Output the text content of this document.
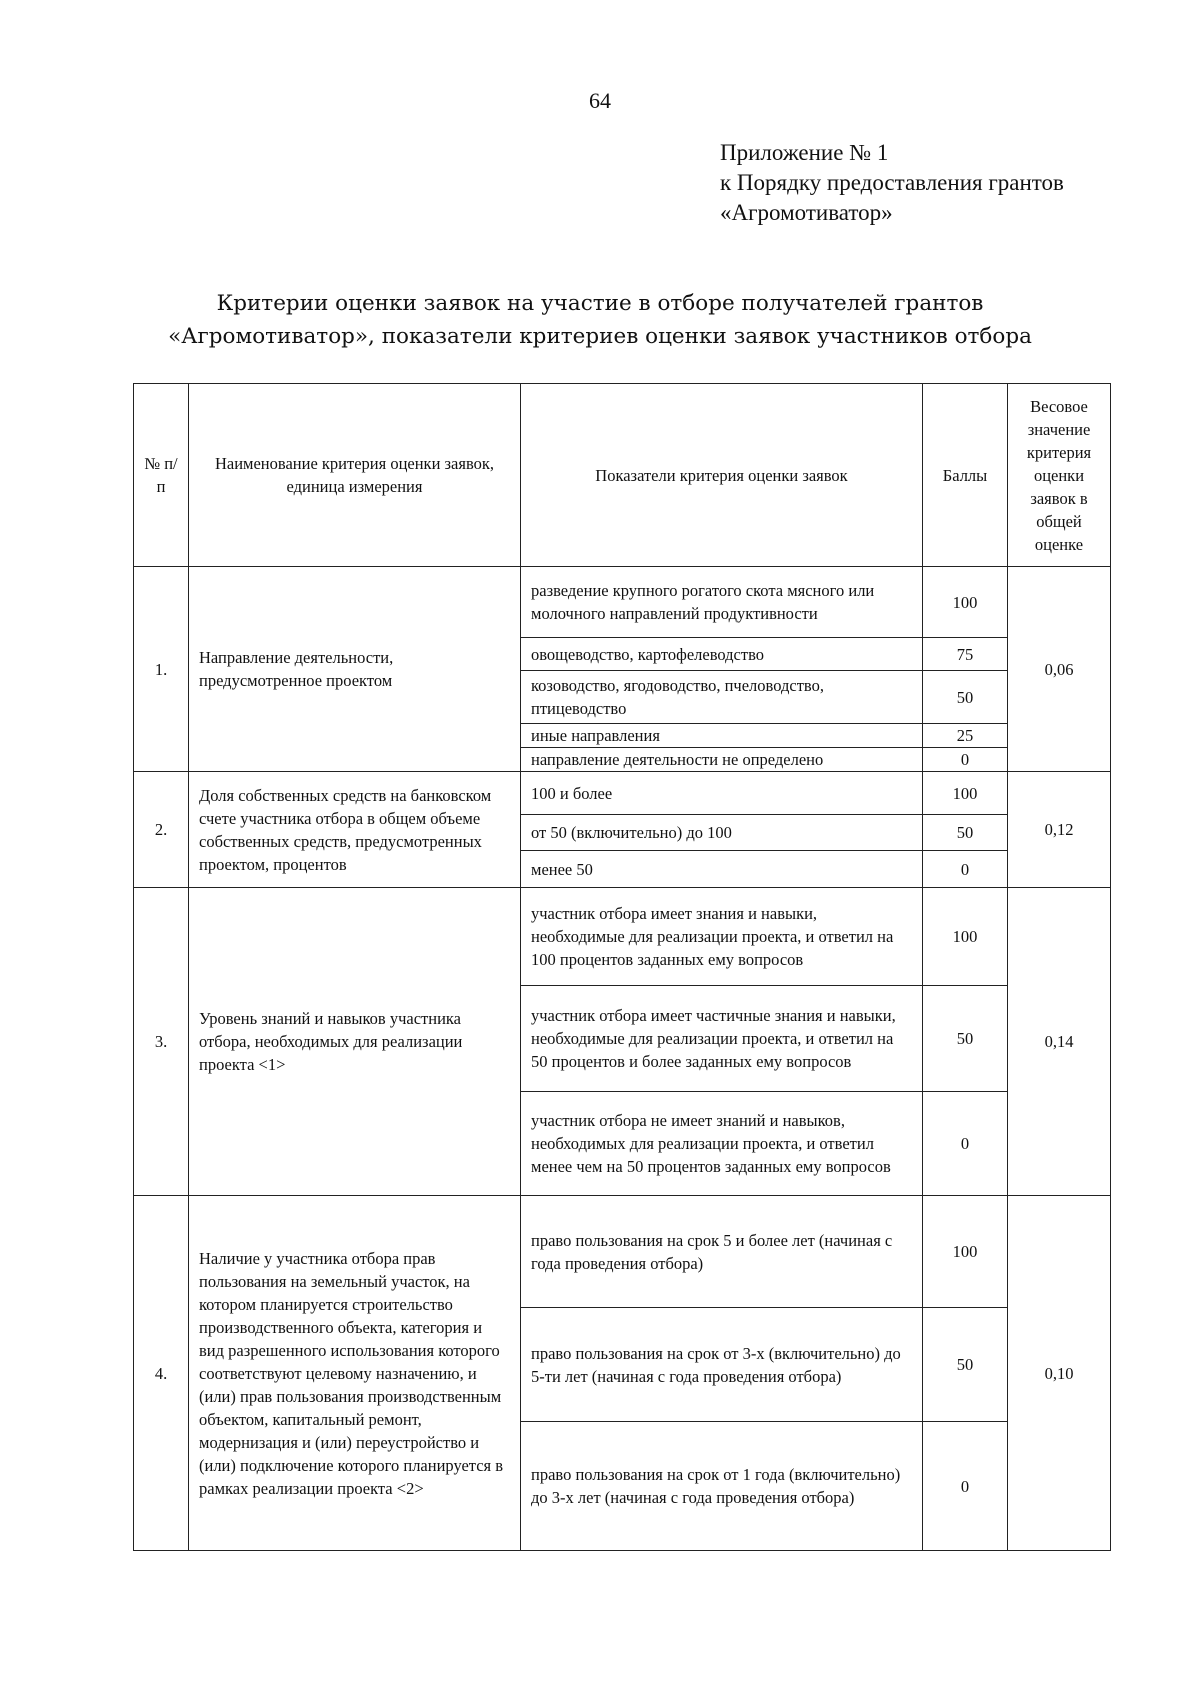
64
Приложение № 1
к Порядку предоставления грантов
«Агромотиватор»
Критерии оценки заявок на участие в отборе получателей грантов
«Агромотиватор», показатели критериев оценки заявок участников отбора
№ п/п	Наименование критерия оценки заявок, единица измерения	Показатели критерия оценки заявок	Баллы	Весовое значение критерия оценки заявок в общей оценке
1.	Направление деятельности, предусмотренное проектом	разведение крупного рогатого скота мясного или молочного направлений продуктивности	100	0,06
		овощеводство, картофелеводство	75	
		козоводство, ягодоводство, пчеловодство, птицеводство	50	
		иные направления	25	
		направление деятельности не определено	0	
2.	Доля собственных средств на банковском счете участника отбора в общем объеме собственных средств, предусмотренных проектом, процентов	100 и более	100	0,12
		от 50 (включительно) до 100	50	
		менее 50	0	
3.	Уровень знаний и навыков участника отбора, необходимых для реализации проекта <1>	участник отбора имеет знания и навыки, необходимые для реализации проекта, и ответил на 100 процентов заданных ему вопросов	100	0,14
		участник отбора имеет частичные знания и навыки, необходимые для реализации проекта, и ответил на 50 процентов и более заданных ему вопросов	50	
		участник отбора не имеет знаний и навыков, необходимых для реализации проекта, и ответил менее чем на 50 процентов заданных ему вопросов	0	
4.	Наличие у участника отбора прав пользования на земельный участок, на котором планируется строительство производственного объекта, категория и вид разрешенного использования которого соответствуют целевому назначению, и (или) прав пользования производственным объектом, капитальный ремонт, модернизация и (или) переустройство и (или) подключение которого планируется в рамках реализации проекта <2>	право пользования на срок 5 и более лет (начиная с года проведения отбора)	100	0,10
		право пользования на срок от 3-х (включительно) до 5-ти лет (начиная с года проведения отбора)	50	
		право пользования на срок от 1 года (включительно) до 3-х лет (начиная с года проведения отбора)	0	
